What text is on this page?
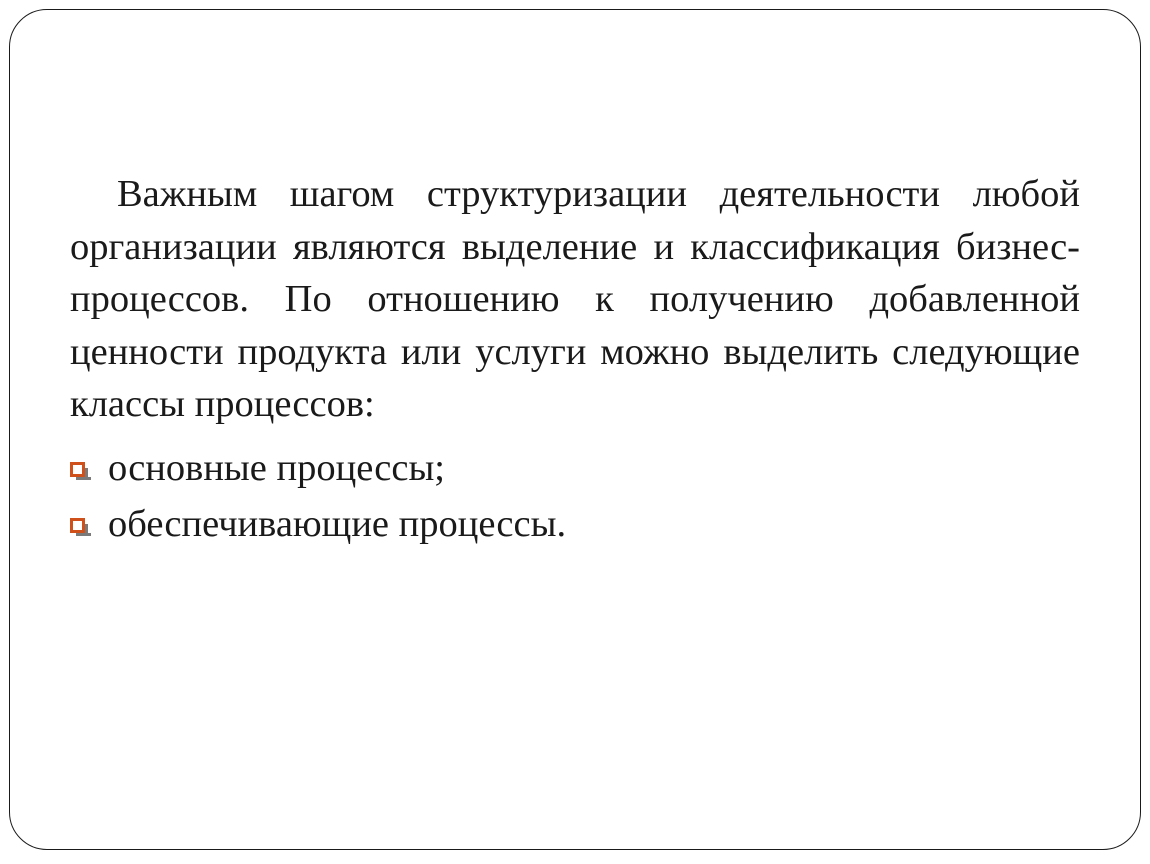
Важным шагом структуризации деятельности любой организации являются выделение и классификация бизнес-процессов. По отношению к получению добавленной ценности продукта или услуги можно выделить следующие классы процессов:

основные процессы;
обеспечивающие процессы.
